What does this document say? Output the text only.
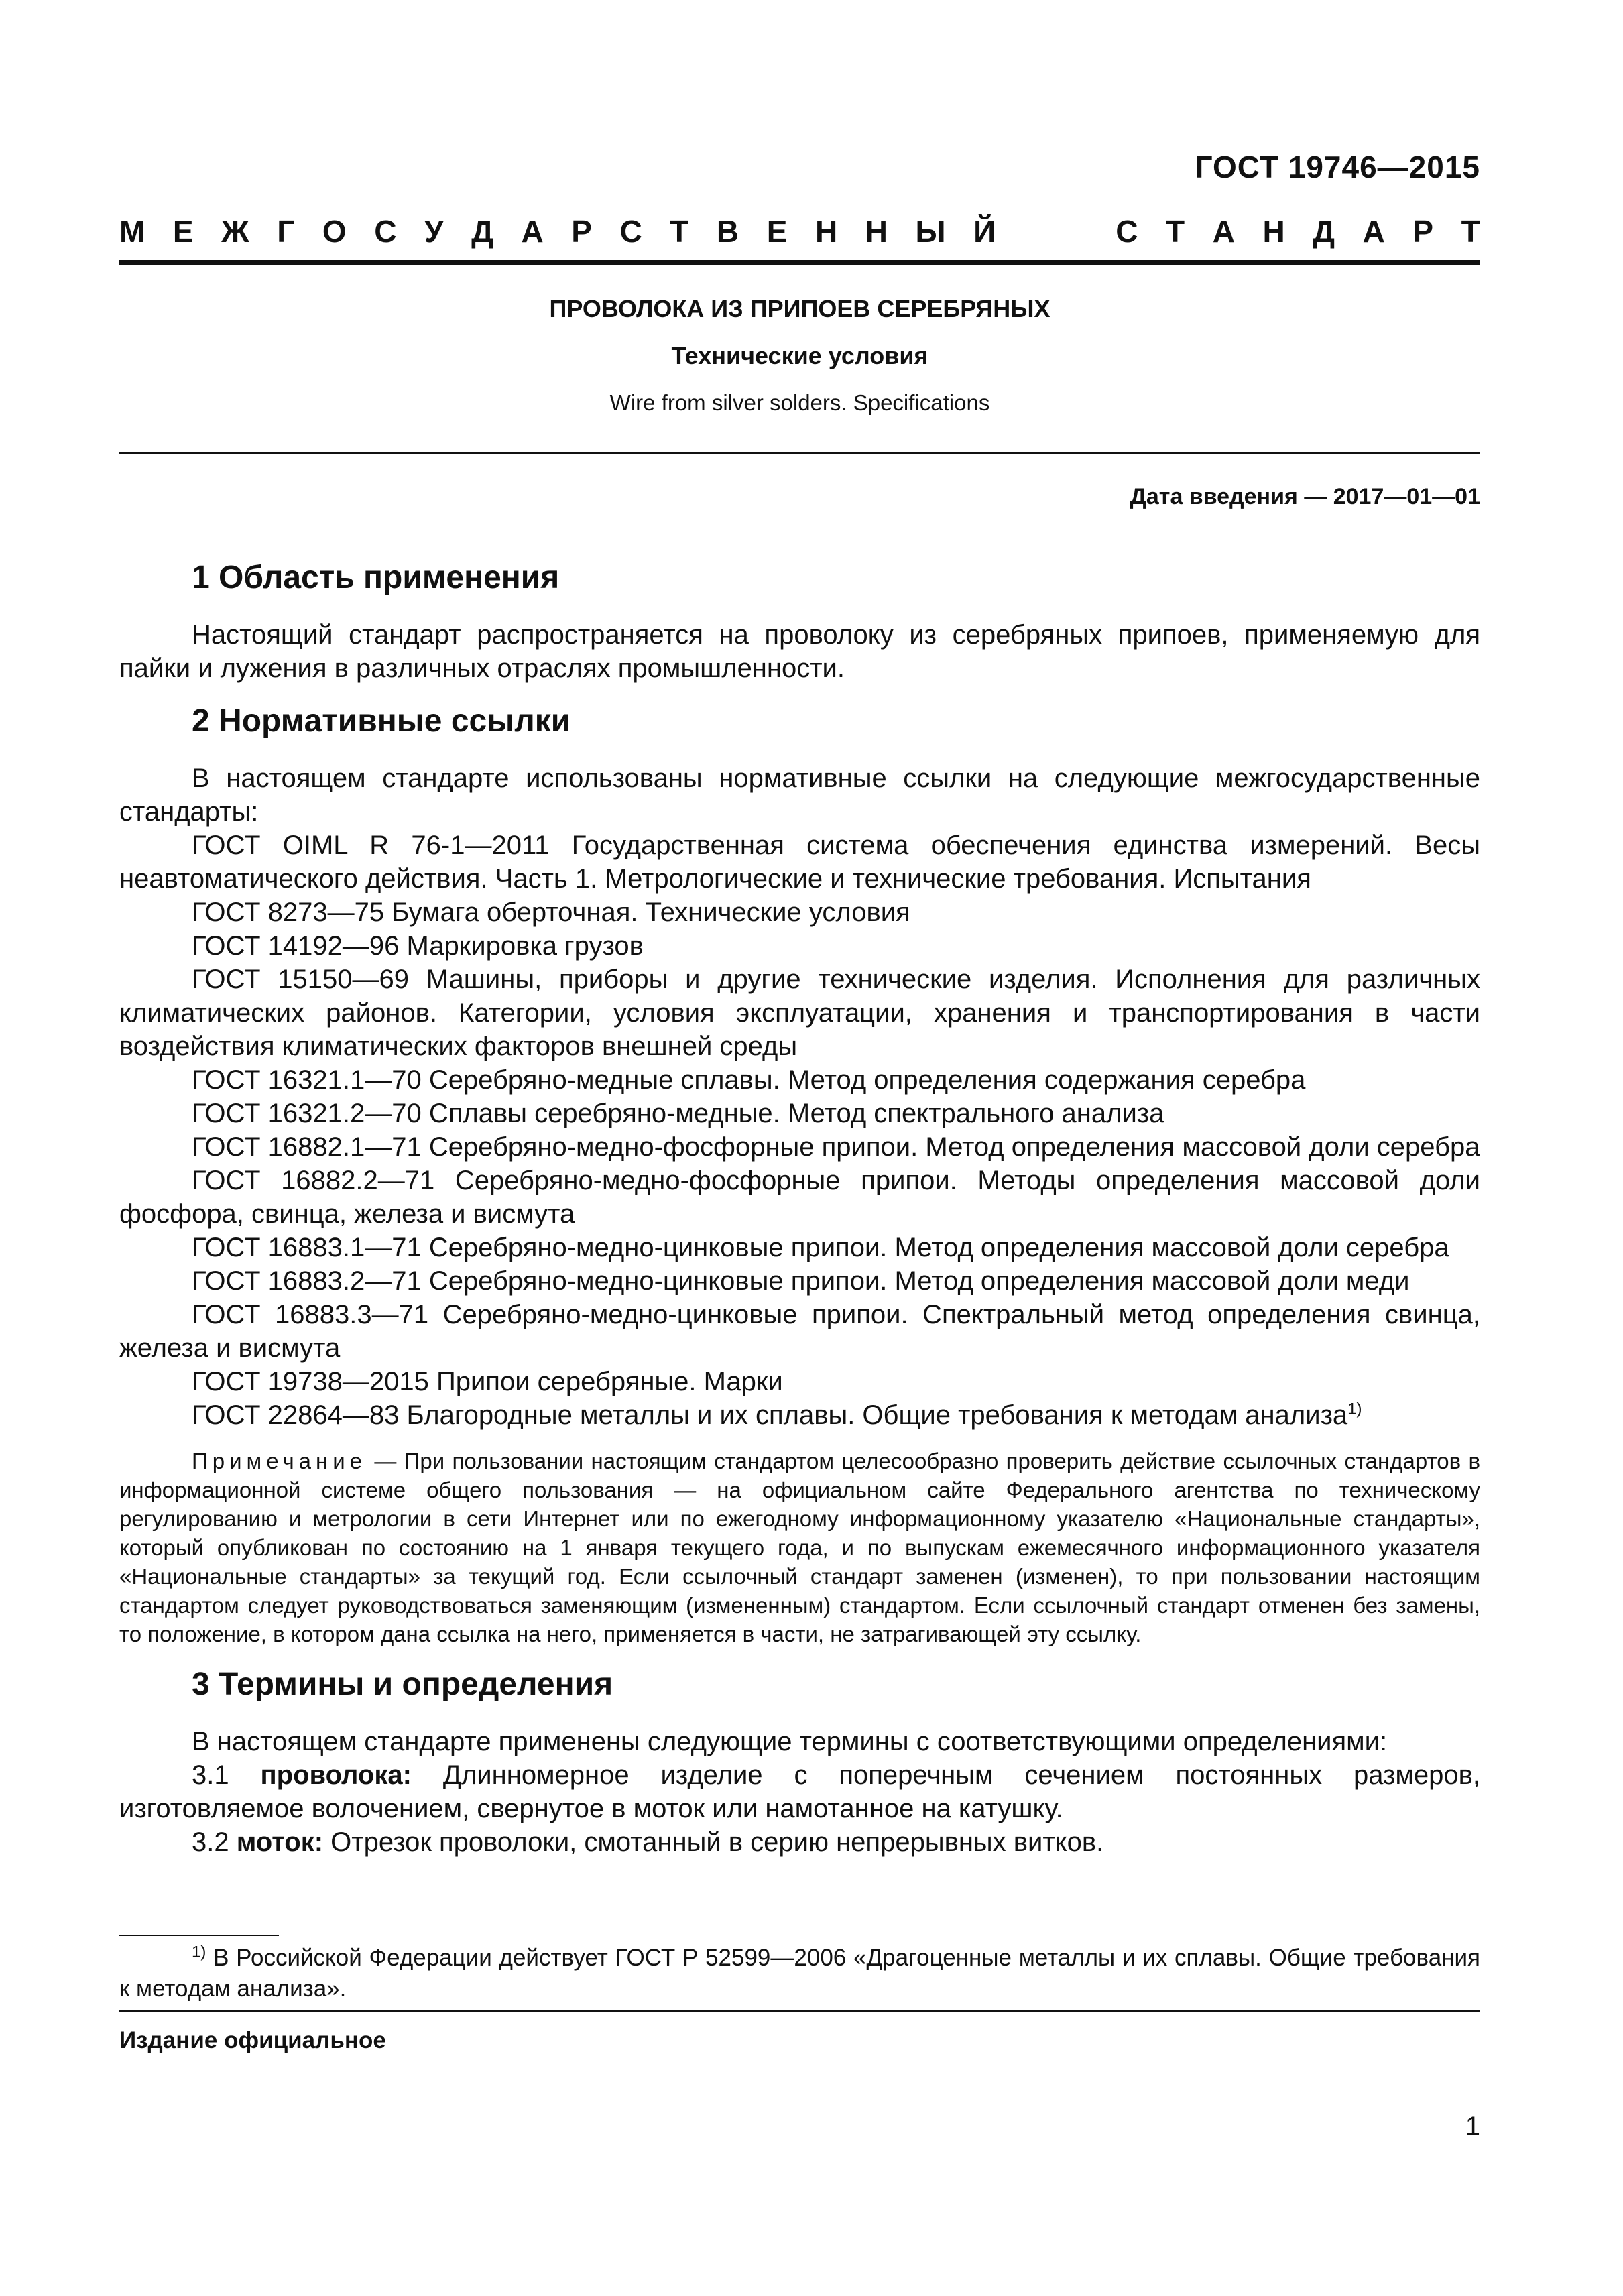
ГОСТ 19746—2015
М Е Ж Г О С У Д А Р С Т В Е Н Н Ы Й	С Т А Н Д А Р Т
ПРОВОЛОКА ИЗ ПРИПОЕВ СЕРЕБРЯНЫХ
Технические условия
Wire from silver solders. Specifications
Дата введения — 2017—01—01
1 Область применения

Настоящий стандарт распространяется на проволоку из серебряных припоев, применяемую для пайки и лужения в различных отраслях промышленности.

2 Нормативные ссылки

В настоящем стандарте использованы нормативные ссылки на следующие межгосударственные стандарты:

ГОСТ OIML R 76-1—2011 Государственная система обеспечения единства измерений. Весы неавтоматического действия. Часть 1. Метрологические и технические требования. Испытания

ГОСТ 8273—75 Бумага оберточная. Технические условия

ГОСТ 14192—96 Маркировка грузов

ГОСТ 15150—69 Машины, приборы и другие технические изделия. Исполнения для различных климатических районов. Категории, условия эксплуатации, хранения и транспортирования в части воздействия климатических факторов внешней среды

ГОСТ 16321.1—70 Серебряно-медные сплавы. Метод определения содержания серебра

ГОСТ 16321.2—70 Сплавы серебряно-медные. Метод спектрального анализа

ГОСТ 16882.1—71 Серебряно-медно-фосфорные припои. Метод определения массовой доли серебра

ГОСТ 16882.2—71 Серебряно-медно-фосфорные припои. Методы определения массовой доли фосфора, свинца, железа и висмута

ГОСТ 16883.1—71 Серебряно-медно-цинковые припои. Метод определения массовой доли серебра

ГОСТ 16883.2—71 Серебряно-медно-цинковые припои. Метод определения массовой доли меди

ГОСТ 16883.3—71 Серебряно-медно-цинковые припои. Спектральный метод определения свинца, железа и висмута

ГОСТ 19738—2015 Припои серебряные. Марки

ГОСТ 22864—83 Благородные металлы и их сплавы. Общие требования к методам анализа$^{1)}$

Примечание — При пользовании настоящим стандартом целесообразно проверить действие ссылочных стандартов в информационной системе общего пользования — на официальном сайте Федерального агентства по техническому регулированию и метрологии в сети Интернет или по ежегодному информационному указателю «Национальные стандарты», который опубликован по состоянию на 1 января текущего года, и по выпускам ежемесячного информационного указателя «Национальные стандарты» за текущий год. Если ссылочный стандарт заменен (изменен), то при пользовании настоящим стандартом следует руководствоваться заменяющим (измененным) стандартом. Если ссылочный стандарт отменен без замены, то положение, в котором дана ссылка на него, применяется в части, не затрагивающей эту ссылку.

3 Термины и определения

В настоящем стандарте применены следующие термины с соответствующими определениями:

3.1 проволока: Длинномерное изделие с поперечным сечением постоянных размеров, изготовляемое волочением, свернутое в моток или намотанное на катушку.

3.2 моток: Отрезок проволоки, смотанный в серию непрерывных витков.

$^{1)}$ В Российской Федерации действует ГОСТ Р 52599—2006 «Драгоценные металлы и их сплавы. Общие требования к методам анализа».
Издание официальное
1
